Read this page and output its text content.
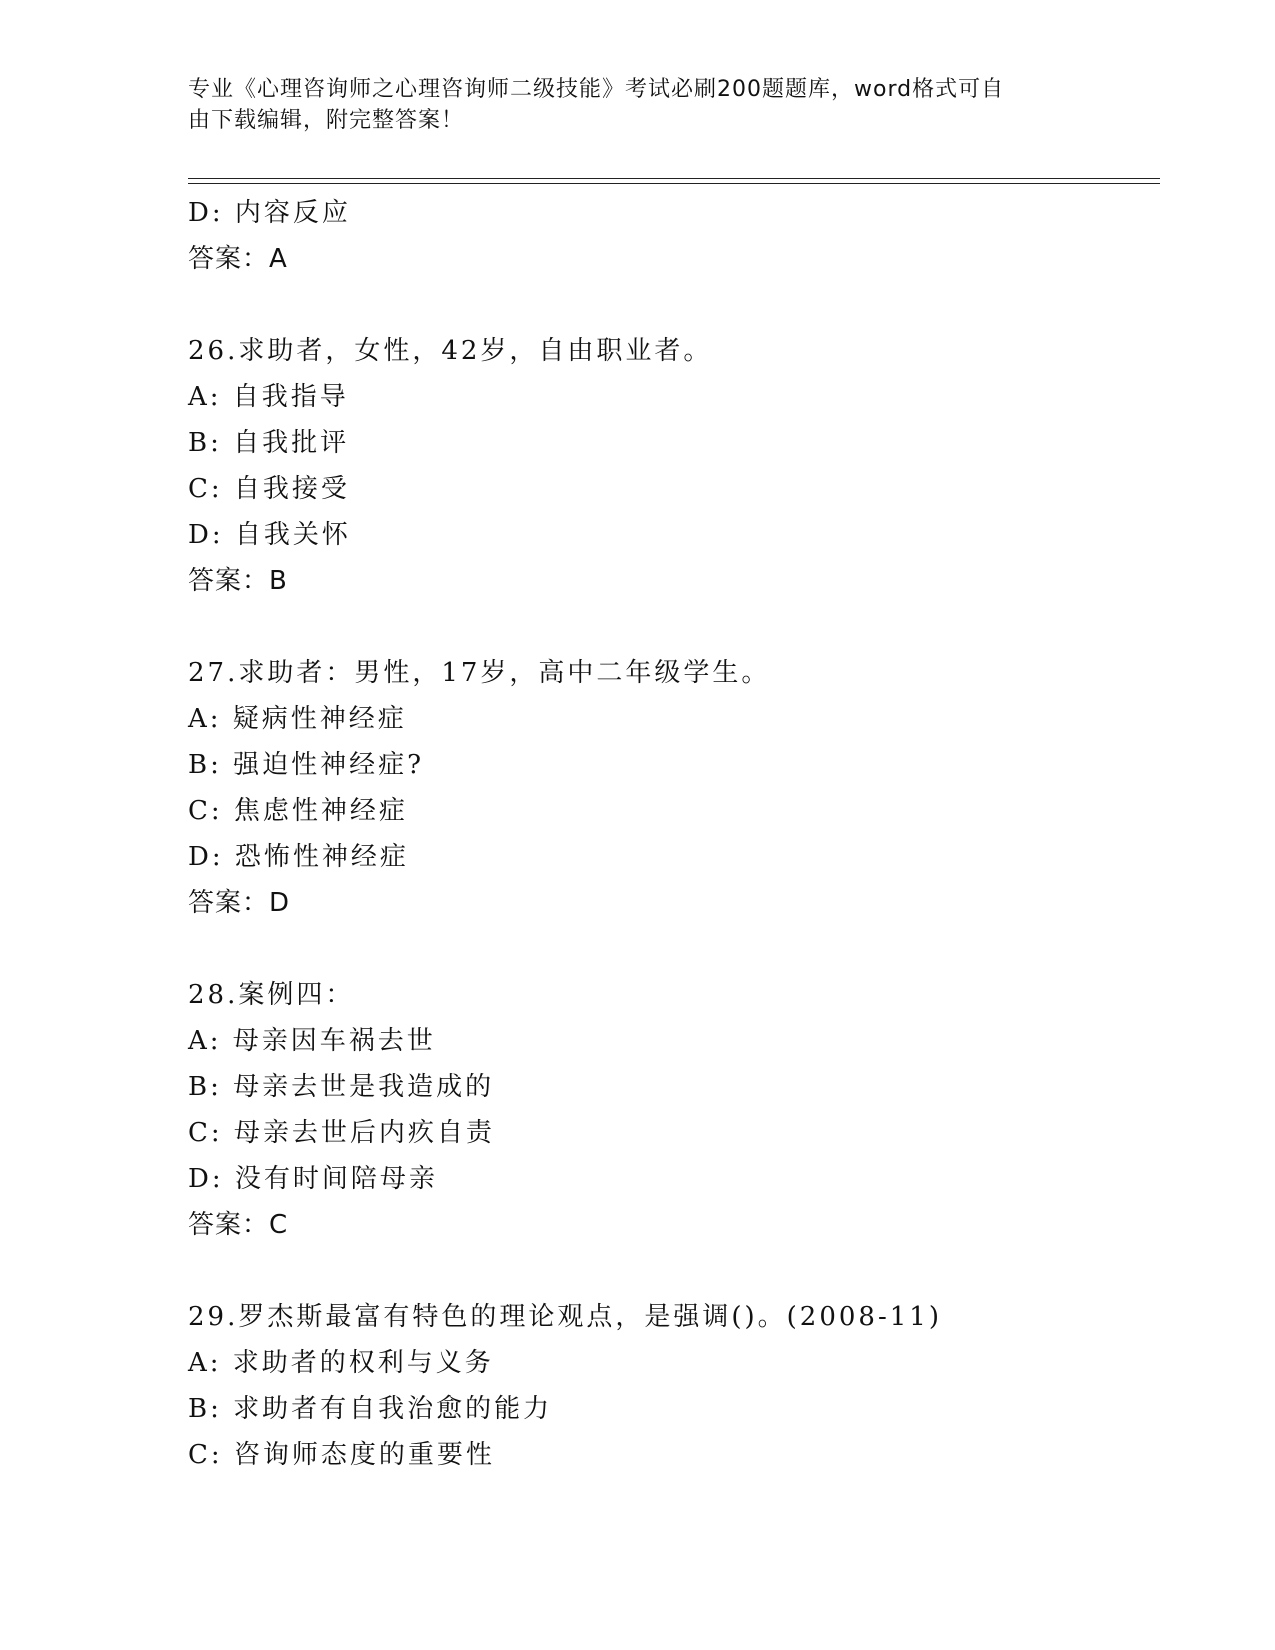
专业《心理咨询师之心理咨询师二级技能》考试必刷200题题库，word格式可自
由下载编辑，附完整答案！
D: 内容反应
答案：A
26.求助者，女性，42岁，自由职业者。
A: 自我指导
B: 自我批评
C: 自我接受
D: 自我关怀
答案：B
27.求助者：男性，17岁，高中二年级学生。
A: 疑病性神经症
B: 强迫性神经症?
C: 焦虑性神经症
D: 恐怖性神经症
答案：D
28.案例四：
A: 母亲因车祸去世
B: 母亲去世是我造成的
C: 母亲去世后内疚自责
D: 没有时间陪母亲
答案：C
29.罗杰斯最富有特色的理论观点，是强调()。(2008-11)
A: 求助者的权利与义务
B: 求助者有自我治愈的能力
C: 咨询师态度的重要性
